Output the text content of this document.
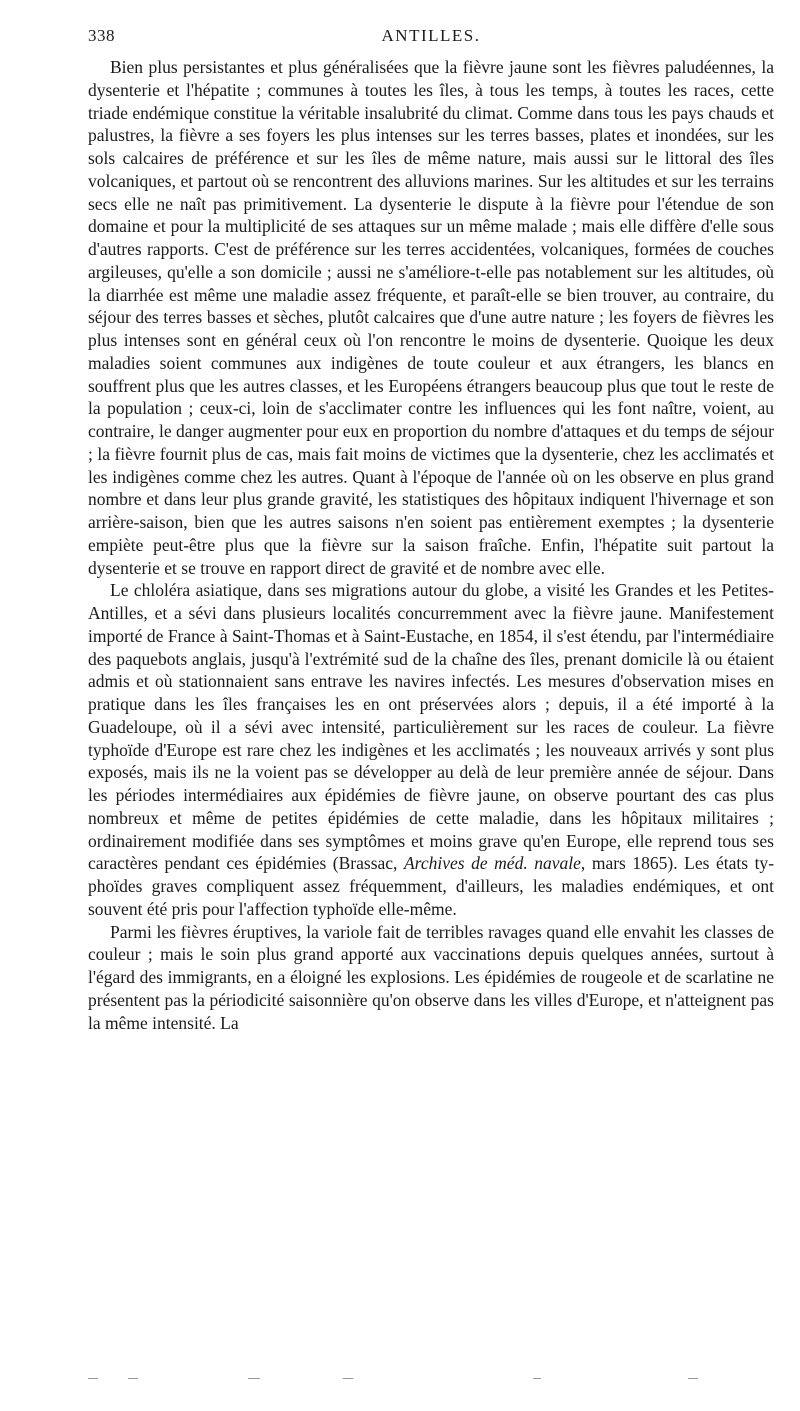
338	ANTILLES.

Bien plus persistantes et plus généralisées que la fièvre jaune sont les fièvres paludéennes, la dysenterie et l'hépatite ; communes à toutes les îles, à tous les temps, à toutes les races, cette triade endémique constitue la véritable insalubrité du climat. Comme dans tous les pays chauds et palustres, la fièvre a ses foyers les plus intenses sur les terres basses, plates et inondées, sur les sols calcaires de préférence et sur les îles de même nature, mais aussi sur le littoral des îles volcaniques, et partout où se rencontrent des alluvions marines. Sur les altitudes et sur les terrains secs elle ne naît pas primitivement. La dysenterie le dispute à la fièvre pour l'étendue de son domaine et pour la multiplicité de ses attaques sur un même malade ; mais elle diffère d'elle sous d'autres rapports. C'est de préférence sur les terres accidentées, volcaniques, formées de couches argileuses, qu'elle a son domicile ; aussi ne s'améliore-t-elle pas notablement sur les altitudes, où la diarrhée est même une maladie assez fréquente, et paraît-elle se bien trouver, au contraire, du séjour des terres basses et sèches, plutôt calcaires que d'une autre nature ; les foyers de fièvres les plus intenses sont en général ceux où l'on rencontre le moins de dysenterie. Quoique les deux maladies soient communes aux indigènes de toute couleur et aux étrangers, les blancs en souffrent plus que les autres classes, et les Européens étrangers beaucoup plus que tout le reste de la population ; ceux-ci, loin de s'acclimater contre les influences qui les font naître, voient, au contraire, le danger augmenter pour eux en proportion du nombre d'attaques et du temps de séjour ; la fièvre fournit plus de cas, mais fait moins de victimes que la dysenterie, chez les acclimatés et les indigènes comme chez les autres. Quant à l'époque de l'année où on les observe en plus grand nombre et dans leur plus grande gravité, les statistiques des hôpitaux indiquent l'hivernage et son arrière-saison, bien que les autres saisons n'en soient pas entièrement exemptes ; la dysenterie empiète peut-être plus que la fièvre sur la saison fraîche. Enfin, l'hépatite suit partout la dysenterie et se trouve en rapport direct de gravité et de nombre avec elle.

Le chloléra asiatique, dans ses migrations autour du globe, a visité les Grandes et les Petites-Antilles, et a sévi dans plusieurs localités concurremment avec la fièvre jaune. Manifestement importé de France à Saint-Thomas et à Saint-Eustache, en 1854, il s'est étendu, par l'intermédiaire des paquebots anglais, jusqu'à l'extrémité sud de la chaîne des îles, prenant domicile là ou étaient admis et où stationnaient sans entrave les navires infectés. Les mesures d'observation mises en pratique dans les îles françaises les en ont préservées alors ; depuis, il a été importé à la Guadeloupe, où il a sévi avec intensité, particulièrement sur les races de couleur. La fièvre typhoïde d'Europe est rare chez les indigènes et les acclimatés ; les nouveaux arrivés y sont plus exposés, mais ils ne la voient pas se développer au delà de leur première année de séjour. Dans les périodes intermédiaires aux épidémies de fièvre jaune, on observe pourtant des cas plus nombreux et même de petites épidémies de cette maladie, dans les hôpitaux militaires ; ordinairement modifiée dans ses symptômes et moins grave qu'en Europe, elle reprend tous ses caractères pendant ces épidémies (Brassac, Archives de méd. navale, mars 1865). Les états typhoïdes graves compliquent assez fréquemment, d'ailleurs, les maladies endémiques, et ont souvent été pris pour l'affection typhoïde elle-même.

Parmi les fièvres éruptives, la variole fait de terribles ravages quand elle envahit les classes de couleur ; mais le soin plus grand apporté aux vaccinations depuis quelques années, surtout à l'égard des immigrants, en a éloigné les explosions. Les épidémies de rougeole et de scarlatine ne présentent pas la périodicité saisonnière qu'on observe dans les villes d'Europe, et n'atteignent pas la même intensité. La
